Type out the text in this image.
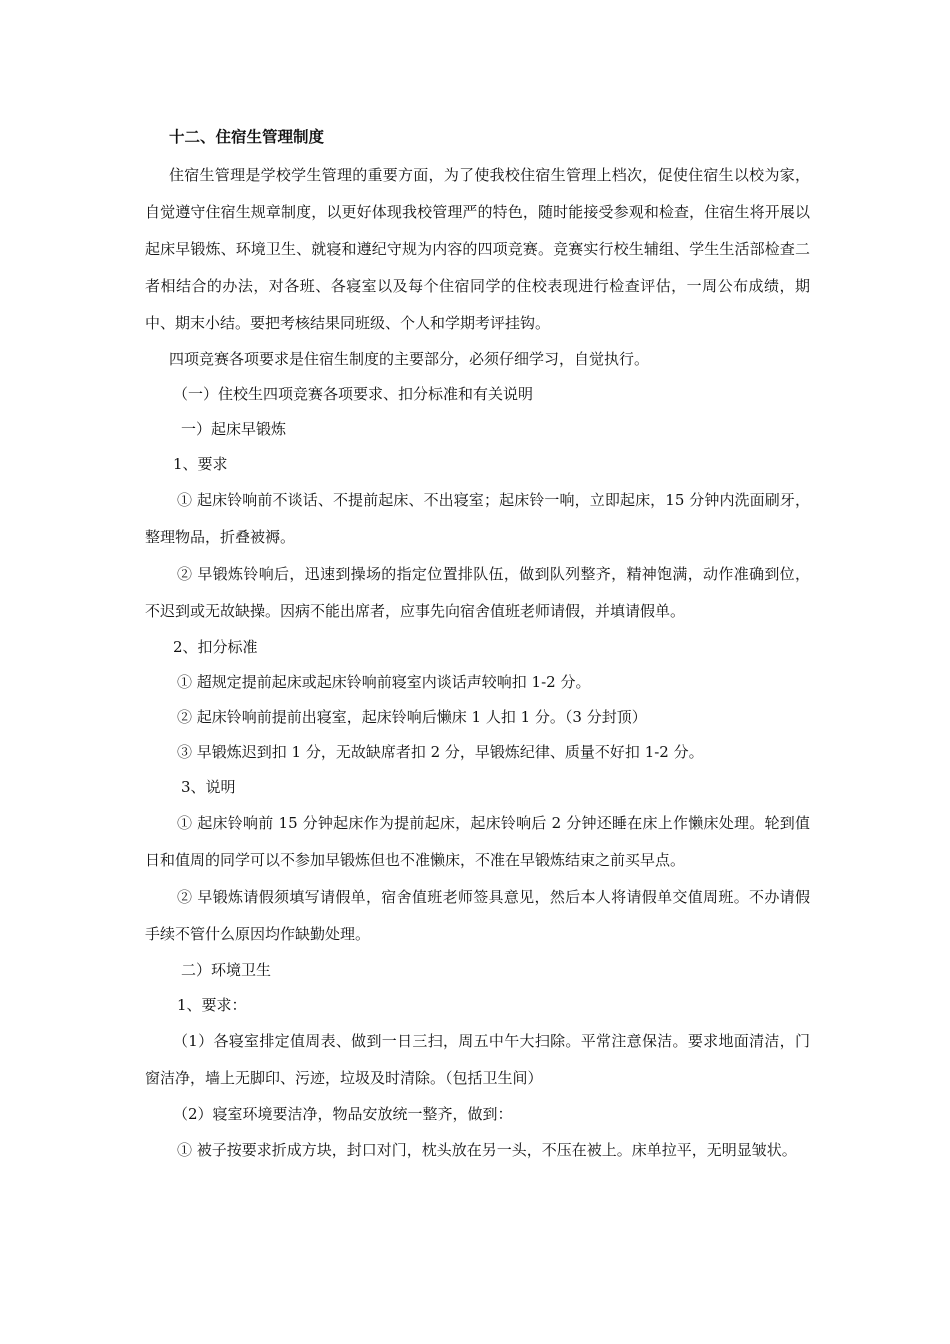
十二、住宿生管理制度

住宿生管理是学校学生管理的重要方面，为了使我校住宿生管理上档次，促使住宿生以校为家，自觉遵守住宿生规章制度，以更好体现我校管理严的特色，随时能接受参观和检查，住宿生将开展以起床早锻炼、环境卫生、就寝和遵纪守规为内容的四项竞赛。竞赛实行校生辅组、学生生活部检查二者相结合的办法，对各班、各寝室以及每个住宿同学的住校表现进行检查评估，一周公布成绩，期中、期末小结。要把考核结果同班级、个人和学期考评挂钩。

四项竞赛各项要求是住宿生制度的主要部分，必须仔细学习，自觉执行。

（一）住校生四项竞赛各项要求、扣分标准和有关说明

一）起床早锻炼

1、要求

① 起床铃响前不谈话、不提前起床、不出寝室；起床铃一响，立即起床，15 分钟内洗面刷牙，整理物品，折叠被褥。

② 早锻炼铃响后，迅速到操场的指定位置排队伍，做到队列整齐，精神饱满，动作准确到位，不迟到或无故缺操。因病不能出席者，应事先向宿舍值班老师请假，并填请假单。

2、扣分标准

① 超规定提前起床或起床铃响前寝室内谈话声较响扣 1-2 分。

② 起床铃响前提前出寝室，起床铃响后懒床 1 人扣 1 分。（3 分封顶）

③ 早锻炼迟到扣 1 分，无故缺席者扣 2 分，早锻炼纪律、质量不好扣 1-2 分。

3、说明

① 起床铃响前 15 分钟起床作为提前起床，起床铃响后 2 分钟还睡在床上作懒床处理。轮到值日和值周的同学可以不参加早锻炼但也不准懒床，不准在早锻炼结束之前买早点。

② 早锻炼请假须填写请假单，宿舍值班老师签具意见，然后本人将请假单交值周班。不办请假手续不管什么原因均作缺勤处理。

二）环境卫生

1、要求：

（1）各寝室排定值周表、做到一日三扫，周五中午大扫除。平常注意保洁。要求地面清洁，门窗洁净，墙上无脚印、污迹，垃圾及时清除。（包括卫生间）

（2）寝室环境要洁净，物品安放统一整齐，做到：

① 被子按要求折成方块，封口对门，枕头放在另一头，不压在被上。床单拉平，无明显皱状。
